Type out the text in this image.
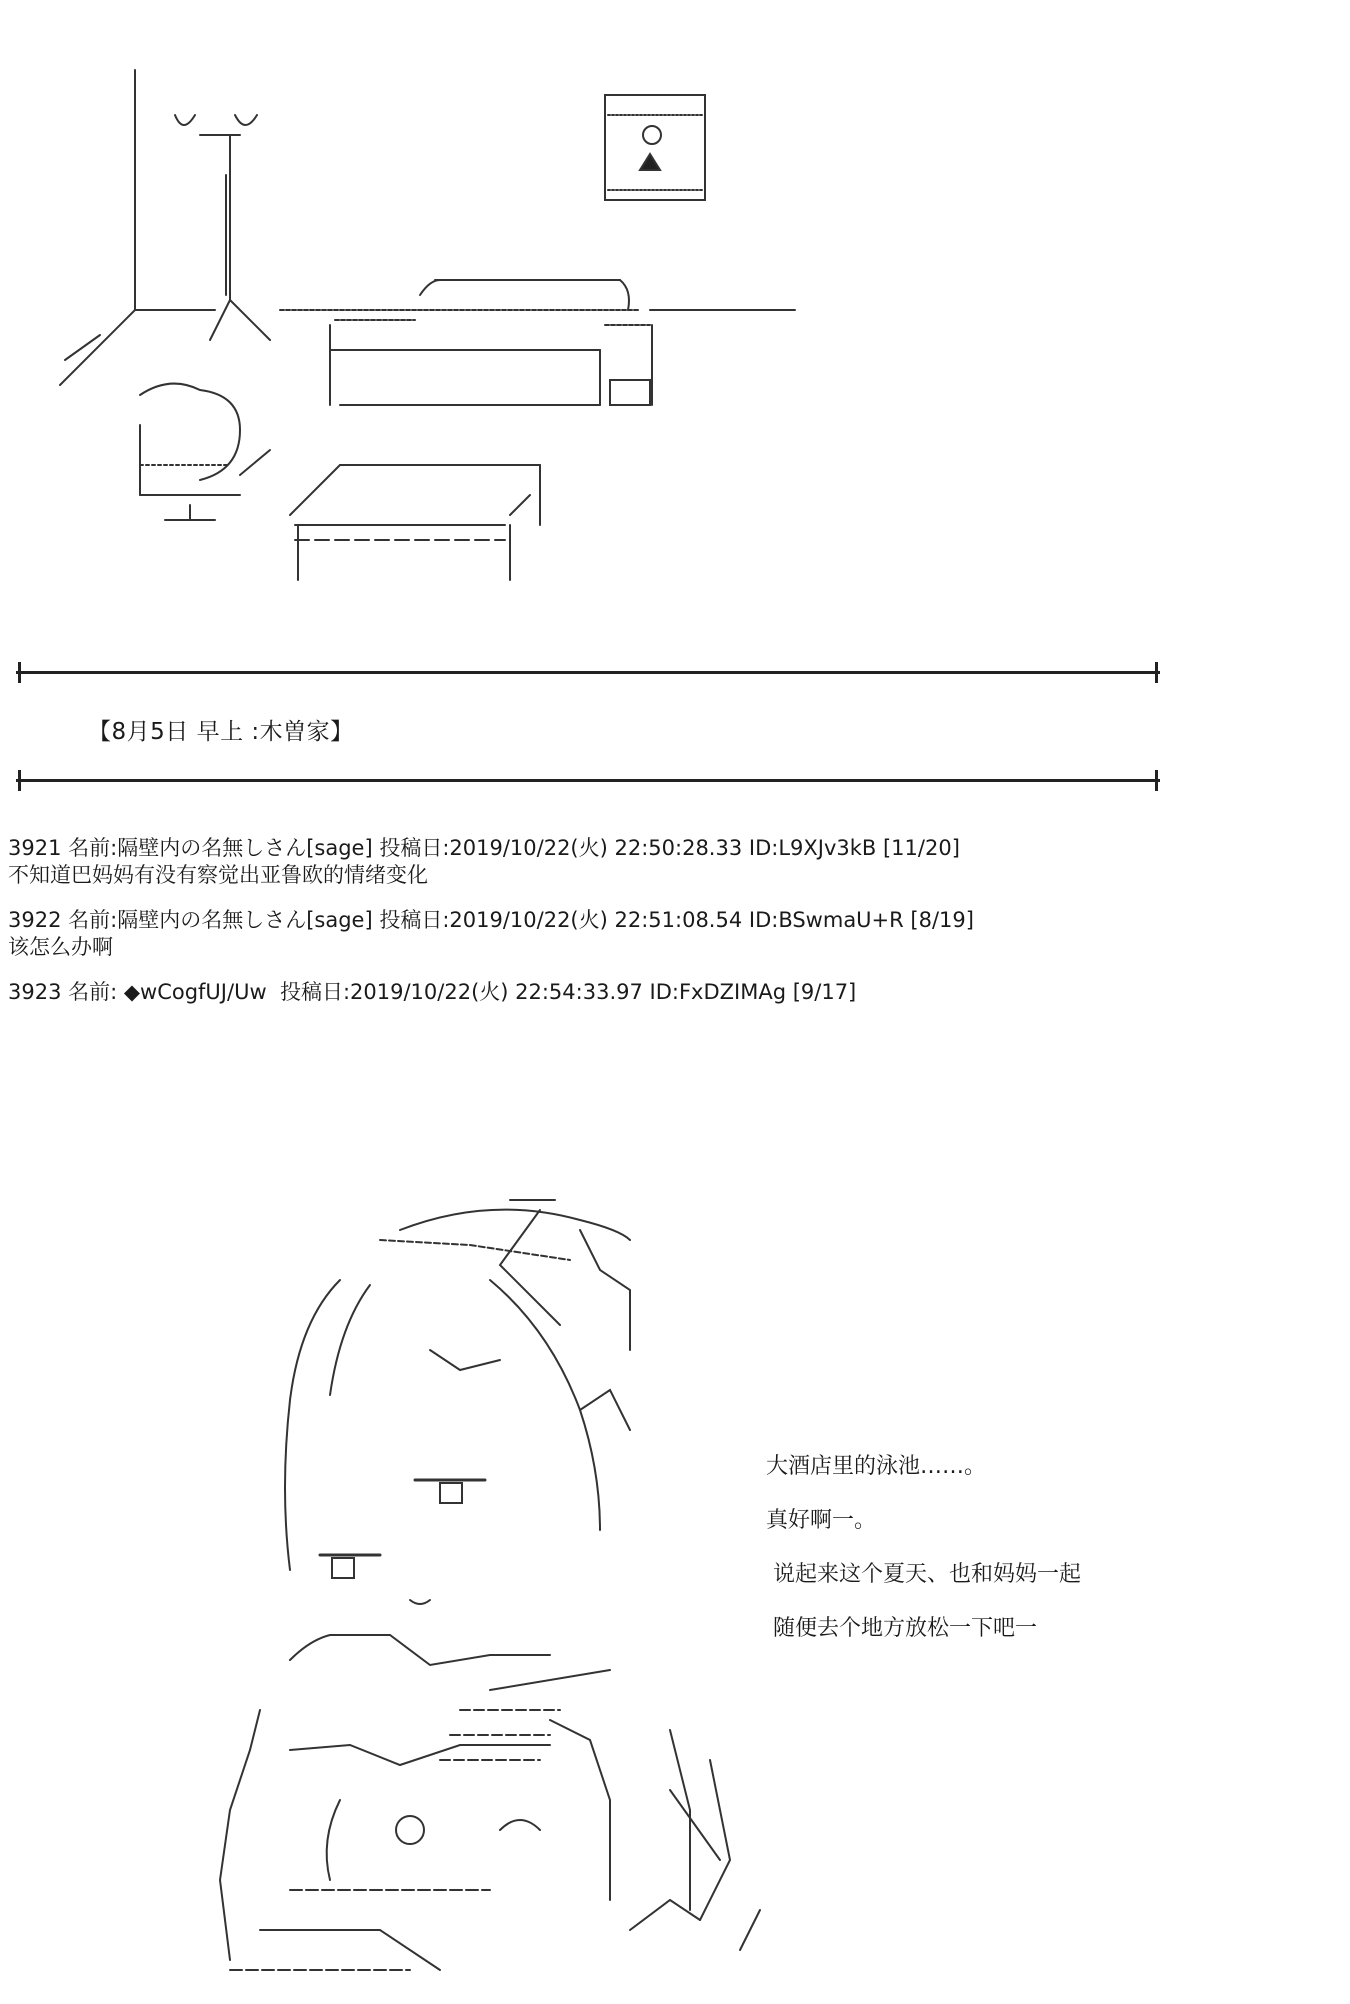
【8月5日 早上 :木曽家】
3921 名前:隔壁内の名無しさん[sage] 投稿日:2019/10/22(火) 22:50:28.33 ID:L9XJv3kB [11/20]
不知道巴妈妈有没有察觉出亚鲁欧的情绪变化
3922 名前:隔壁内の名無しさん[sage] 投稿日:2019/10/22(火) 22:51:08.54 ID:BSwmaU+R [8/19]
该怎么办啊
3923 名前: ◆wCogfUJ/Uw  投稿日:2019/10/22(火) 22:54:33.97 ID:FxDZIMAg [9/17]
大酒店里的泳池……。
真好啊一。
说起来这个夏天、也和妈妈一起
随便去个地方放松一下吧一
